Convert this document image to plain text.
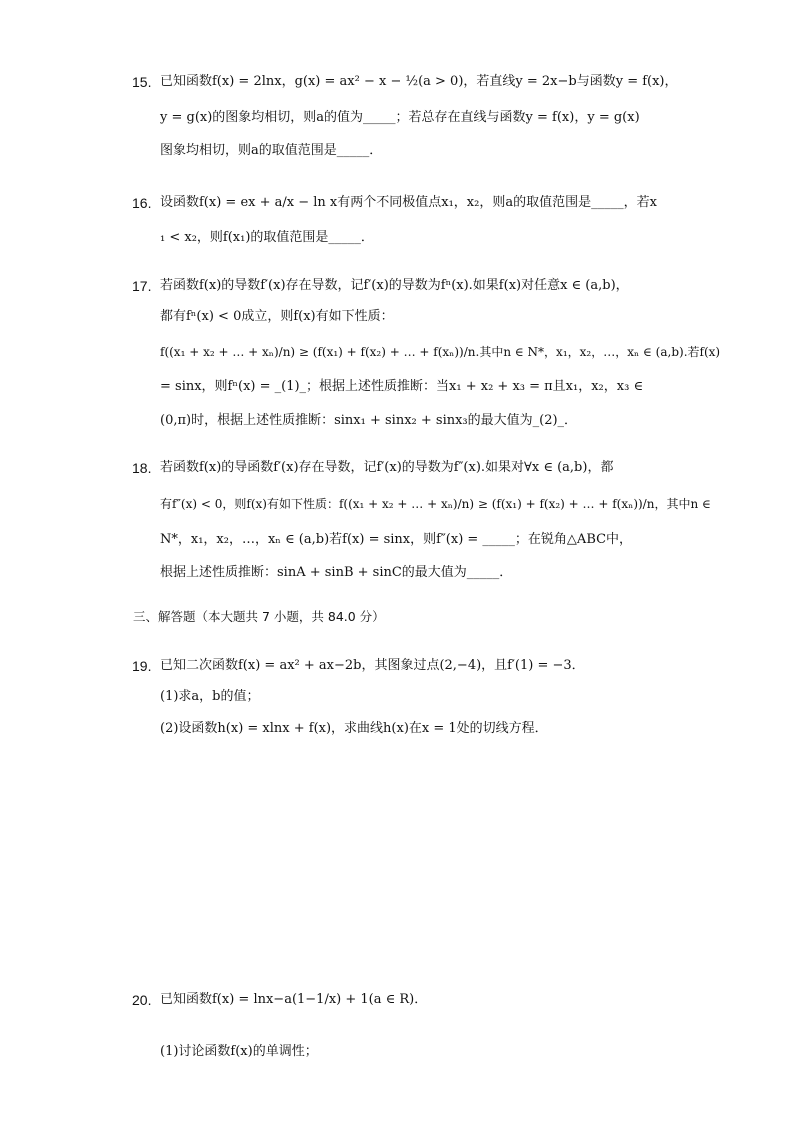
15. 已知函数f(x) = 2lnx，g(x) = ax² − x − ½(a > 0)，若直线y = 2x−b与函数y = f(x)，
y = g(x)的图象均相切，则a的值为_____；若总存在直线与函数y = f(x)，y = g(x)
图象均相切，则a的取值范围是_____．
16. 设函数f(x) = ex + a/x − ln x有两个不同极值点x₁，x₂，则a的取值范围是_____，若x
₁ < x₂，则f(x₁)的取值范围是_____．
17. 若函数f(x)的导数f′(x)存在导数，记f′(x)的导数为fⁿ(x).如果f(x)对任意x ∈ (a,b)，
都有fⁿ(x) < 0成立，则f(x)有如下性质：
f((x₁ + x₂ + … + xₙ)/n) ≥ (f(x₁) + f(x₂) + … + f(xₙ))/n.其中n ∈ N*，x₁，x₂，…，xₙ ∈ (a,b).若f(x)
= sinx，则fⁿ(x) = _(1)_；根据上述性质推断：当x₁ + x₂ + x₃ = π且x₁，x₂，x₃ ∈
(0,π)时，根据上述性质推断：sinx₁ + sinx₂ + sinx₃的最大值为_(2)_．
18. 若函数f(x)的导函数f′(x)存在导数，记f′(x)的导数为f″(x).如果对∀x ∈ (a,b)，都
有f″(x) < 0，则f(x)有如下性质：f((x₁ + x₂ + … + xₙ)/n) ≥ (f(x₁) + f(x₂) + … + f(xₙ))/n，其中n ∈
N*，x₁，x₂，…，xₙ ∈ (a,b)若f(x) = sinx，则f″(x) = _____；在锐角△ABC中，
根据上述性质推断：sinA + sinB + sinC的最大值为_____．
三、解答题（本大题共 7 小题，共 84.0 分）
19. 已知二次函数f(x) = ax² + ax−2b，其图象过点(2,−4)，且f′(1) = −3．
(1)求a，b的值；
(2)设函数h(x) = xlnx + f(x)，求曲线h(x)在x = 1处的切线方程．
20. 已知函数f(x) = lnx−a(1−1/x) + 1(a ∈ R)．
(1)讨论函数f(x)的单调性；
